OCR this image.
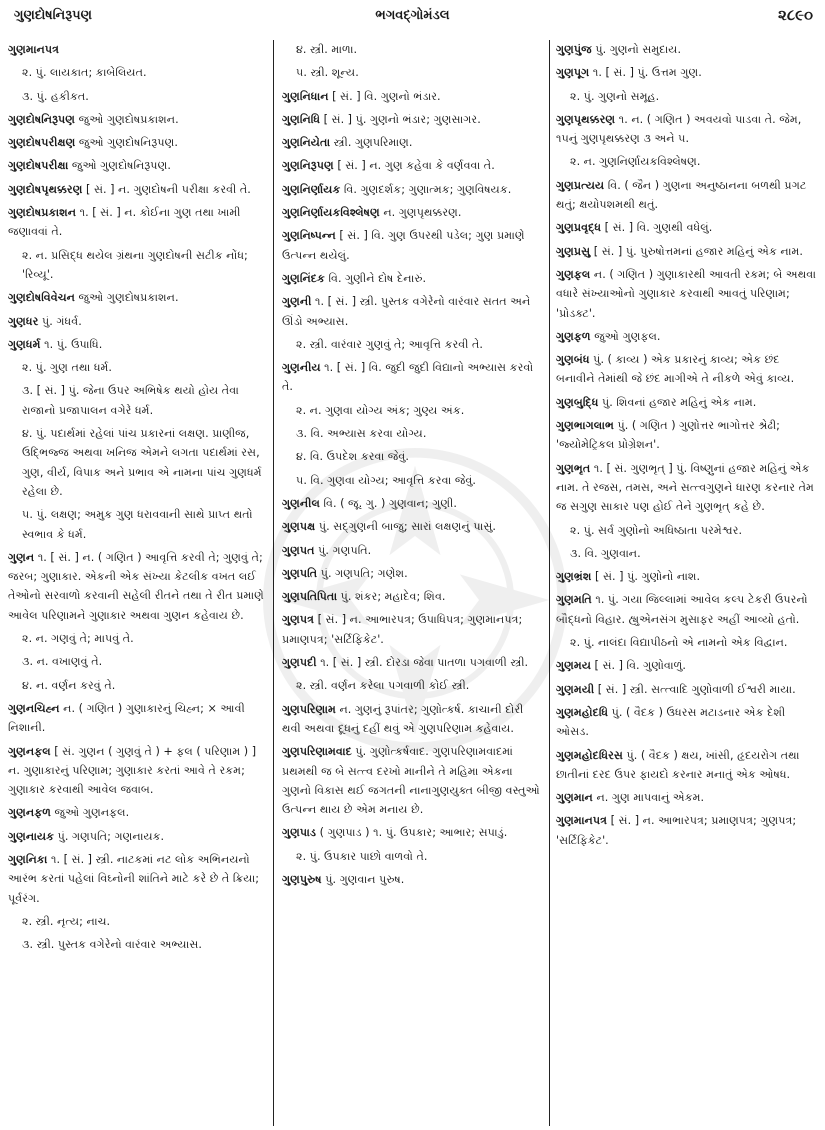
ગુણદોષનિરૂપણ	ભગવદ્ગોમંડલ	૨૮૯૦
ગુણમાનપત્ર
૨. પું. લાયકાત; કાબેલિયત.
૩. પું. હકીકત.
ગુણદોષનિરૂપણ જુઓ ગુણદોષપ્રકાશન.
ગુણદોષપરીક્ષણ જુઓ ગુણદોષનિરૂપણ.
ગુણદોષપરીક્ષા જુઓ ગુણદોષનિરૂપણ.
ગુણદોષપૃથક્કરણ [ સં. ] ન. ગુણદોષની પરીક્ષા કરવી તે.
ગુણદોષપ્રકાશન ૧. [ સં. ] ન. કોઈના ગુણ તથા ખામી જણાવવાં તે.
૨. ન. પ્રસિદ્ધ થયેલ ગ્રંથના ગુણદોષની સટીક નોંધ; 'રિવ્યૂ'.
ગુણદોષવિવેચન જુઓ ગુણદોષપ્રકાશન.
ગુણધર પું. ગંધર્વ.
ગુણધર્મ ૧. પું. ઉપાધિ.
૨. પું. ગુણ તથા ધર્મ.
૩. [ સં. ] પું. જેના ઉપર અભિષેક થયો હોય તેવા રાજાનો પ્રજાપાલન વગેરે ધર્મ.
૪. પું. પદાર્થમાં રહેલાં પાંચ પ્રકારનાં લક્ષણ. પ્રાણીજ, ઉદ્ભિજ્જ અથવા ખનિજ એમને લગતા પદાર્થમાં રસ, ગુણ, વીર્ય, વિપાક અને પ્રભાવ એ નામના પાંચ ગુણધર્મ રહેલા છે.
૫. પું. લક્ષણ; અમુક ગુણ ધરાવવાની સાથે પ્રાપ્ત થતો સ્વભાવ કે ધર્મ.
ગુણન ૧. [ સં. ] ન. ( ગણિત ) આવૃત્તિ કરવી તે; ગુણવું તે; જરબ; ગુણાકાર. એકની એક સંખ્યા કેટલીક વખત લઈ તેઓનો સરવાળો કરવાની સહેલી રીતને તથા તે રીત પ્રમાણે આવેલ પરિણામને ગુણાકાર અથવા ગુણન કહેવાય છે.
૨. ન. ગણવું તે; માપવું તે.
૩. ન. વખાણવું તે.
૪. ન. વર્ણન કરવું તે.
ગુણનચિહ્ન ન. ( ગણિત ) ગુણાકારનું ચિહ્ન; × આવી નિશાની.
ગુણનફલ [ સં. ગુણન ( ગુણવું તે ) + ફલ ( પરિણામ ) ] ન. ગુણાકારનું પરિણામ; ગુણાકાર કરતાં આવે તે રકમ; ગુણાકાર કરવાથી આવેલ જવાબ.
ગુણનફળ જુઓ ગુણનફલ.
ગુણનાયક પું. ગણપતિ; ગણનાયક.
ગુણનિકા ૧. [ સં. ] સ્ત્રી. નાટકમાં નટ લોક અભિનયનો આરંભ કરતાં પહેલાં વિઘ્નોની શાંતિને માટે કરે છે તે ક્રિયા; પૂર્વરંગ.
૨. સ્ત્રી. નૃત્ય; નાચ.
૩. સ્ત્રી. પુસ્તક વગેરેનો વારંવાર અભ્યાસ.
૪. સ્ત્રી. માળા.
૫. સ્ત્રી. શૂન્ય.
ગુણનિધાન [ સં. ] વિ. ગુણનો ભંડાર.
ગુણનિધિ [ સં. ] પું. ગુણનો ભંડાર; ગુણસાગર.
ગુણનિયેતા સ્ત્રી. ગુણપરિમાણ.
ગુણનિરૂપણ [ સં. ] ન. ગુણ કહેવા કે વર્ણવવા તે.
ગુણનિર્ણાયક વિ. ગુણદર્શક; ગુણાત્મક; ગુણવિષયક.
ગુણનિર્ણાયકવિશ્લેષણ ન. ગુણપૃથક્કરણ.
ગુણનિષ્પન્ન [ સં. ] વિ. ગુણ ઉપરથી પડેલ; ગુણ પ્રમાણે ઉત્પન્ન થયેલું.
ગુણનિંદક વિ. ગુણીને દોષ દેનારું.
ગુણની ૧. [ સં. ] સ્ત્રી. પુસ્તક વગેરેનો વારંવાર સતત અને ઊંડો અભ્યાસ.
૨. સ્ત્રી. વારંવાર ગુણવું તે; આવૃત્તિ કરવી તે.
ગુણનીય ૧. [ સં. ] વિ. જુદી જુદી વિદ્યાનો અભ્યાસ કરવો તે.
૨. ન. ગુણવા યોગ્ય અંક; ગુણ્ય અંક.
૩. વિ. અભ્યાસ કરવા યોગ્ય.
૪. વિ. ઉપદેશ કરવા જેવું.
૫. વિ. ગુણવા યોગ્ય; આવૃત્તિ કરવા જેવું.
ગુણનીલ વિ. ( જૂ. ગુ. ) ગુણવાન; ગુણી.
ગુણપક્ષ પું. સદ્ગુણની બાજુ; સારાં લક્ષણનું પાસું.
ગુણપત પું. ગણપતિ.
ગુણપતિ પું. ગણપતિ; ગણેશ.
ગુણપતિપિતા પું. શંકર; મહાદેવ; શિવ.
ગુણપત્ર [ સં. ] ન. આભારપત્ર; ઉપાધિપત્ર; ગુણમાનપત્ર; પ્રમાણપત્ર; 'સર્ટિફિકેટ'.
ગુણપદી ૧. [ સં. ] સ્ત્રી. દોરડા જેવા પાતળા પગવાળી સ્ત્રી.
૨. સ્ત્રી. વર્ણન કરેલા પગવાળી કોઈ સ્ત્રી.
ગુણપરિણામ ન. ગુણનું રૂપાંતર; ગુણોત્કર્ષ. કાચાની દોરી થવી અથવા દૂધનું દહીં થવું એ ગુણપરિણામ કહેવાય.
ગુણપરિણામવાદ પું. ગુણોત્કર્ષવાદ. ગુણપરિણામવાદમાં પ્રથમથી જ બે સત્ત્વ દરખો માનીને તે મહિમા એકના ગુણનો વિકાસ થઈ જગતની નાનાગુણયુક્ત બીજી વસ્તુઓ ઉત્પન્ન થાય છે એમ મનાય છે.
ગુણપાડ ( ગુણપાડ ) ૧. પું. ઉપકાર; આભાર; સપાડું.
૨. પું. ઉપકાર પાછો વાળવો તે.
ગુણપુરુષ પું. ગુણવાન પુરુષ.
ગુણપુંજ પું. ગુણનો સમુદાય.
ગુણપૂગ ૧. [ સં. ] પું. ઉત્તમ ગુણ.
૨. પું. ગુણનો સમૂહ.
ગુણપૃથક્કરણ ૧. ન. ( ગણિત ) અવયવો પાડવા તે. જેમ, ૧૫નું ગુણપૃથક્કરણ ૩ અને ૫.
૨. ન. ગુણનિર્ણાયકવિશ્લેષણ.
ગુણપ્રત્યય વિ. ( જૈન ) ગુણના અનુષ્ઠાનના બળથી પ્રગટ થતું; ક્ષયોપશમથી થતું.
ગુણપ્રવૃદ્ધ [ સં. ] વિ. ગુણથી વધેલું.
ગુણપ્રસુ [ સં. ] પું. પુરુષોત્તમનાં હજાર મહિનું એક નામ.
ગુણફલ ન. ( ગણિત ) ગુણાકારથી આવતી રકમ; બે અથવા વધારે સંખ્યાઓનો ગુણાકાર કરવાથી આવતું પરિણામ; 'પ્રોડક્ટ'.
ગુણફળ જુઓ ગુણફલ.
ગુણબંધ પું. ( કાવ્ય ) એક પ્રકારનું કાવ્ય; એક છંદ બનાવીને તેમાંથી જે છંદ માગીએ તે નીકળે એવું કાવ્ય.
ગુણબુદ્ધિ પું. શિવનાં હજાર મહિનું એક નામ.
ગુણભાગલાભ પું. ( ગણિત ) ગુણોત્તર ભાગોત્તર શ્રેઢી; 'જ્યોમેટ્રિકલ પ્રોગ્રેશન'.
ગુણભૃત ૧. [ સં. ગુણભૃત્ ] પું. વિષ્ણુનાં હજાર મહિનું એક નામ. તે રજસ, તમસ, અને સત્ત્વગુણને ધારણ કરનાર તેમ જ સગુણ સાકાર પણ હોઈ તેને ગુણભૃત્ કહે છે.
૨. પું. સર્વ ગુણોનો અધિષ્ઠાતા પરમેશ્વર.
૩. વિ. ગુણવાન.
ગુણભ્રંશ [ સં. ] પું. ગુણોનો નાશ.
ગુણમતિ ૧. પું. ગયા જિલ્લામાં આવેલ કલ્પ ટેકરી ઉપરનો બૌદ્ધનો વિહાર. હ્યુએનસંગ મુસાફર અહીં આવ્યો હતો.
૨. પું. નાલંદા વિદ્યાપીઠનો એ નામનો એક વિદ્વાન.
ગુણમય [ સં. ] વિ. ગુણોવાળું.
ગુણમયી [ સં. ] સ્ત્રી. સત્ત્વાદિ ગુણોવાળી ઈશ્વરી માયા.
ગુણમહોદધિ પું. ( વૈદક ) ઉધરસ મટાડનાર એક દેશી ઓસડ.
ગુણમહોદધિરસ પું. ( વૈદક ) ક્ષય, ખાંસી, હૃદયરોગ તથા છાતીનાં દરદ ઉપર ફાયદો કરનાર મનાતું એક ઓષધ.
ગુણમાન ન. ગુણ માપવાનું એકમ.
ગુણમાનપત્ર [ સં. ] ન. આભારપત્ર; પ્રમાણપત્ર; ગુણપત્ર; 'સર્ટિફિકેટ'.
